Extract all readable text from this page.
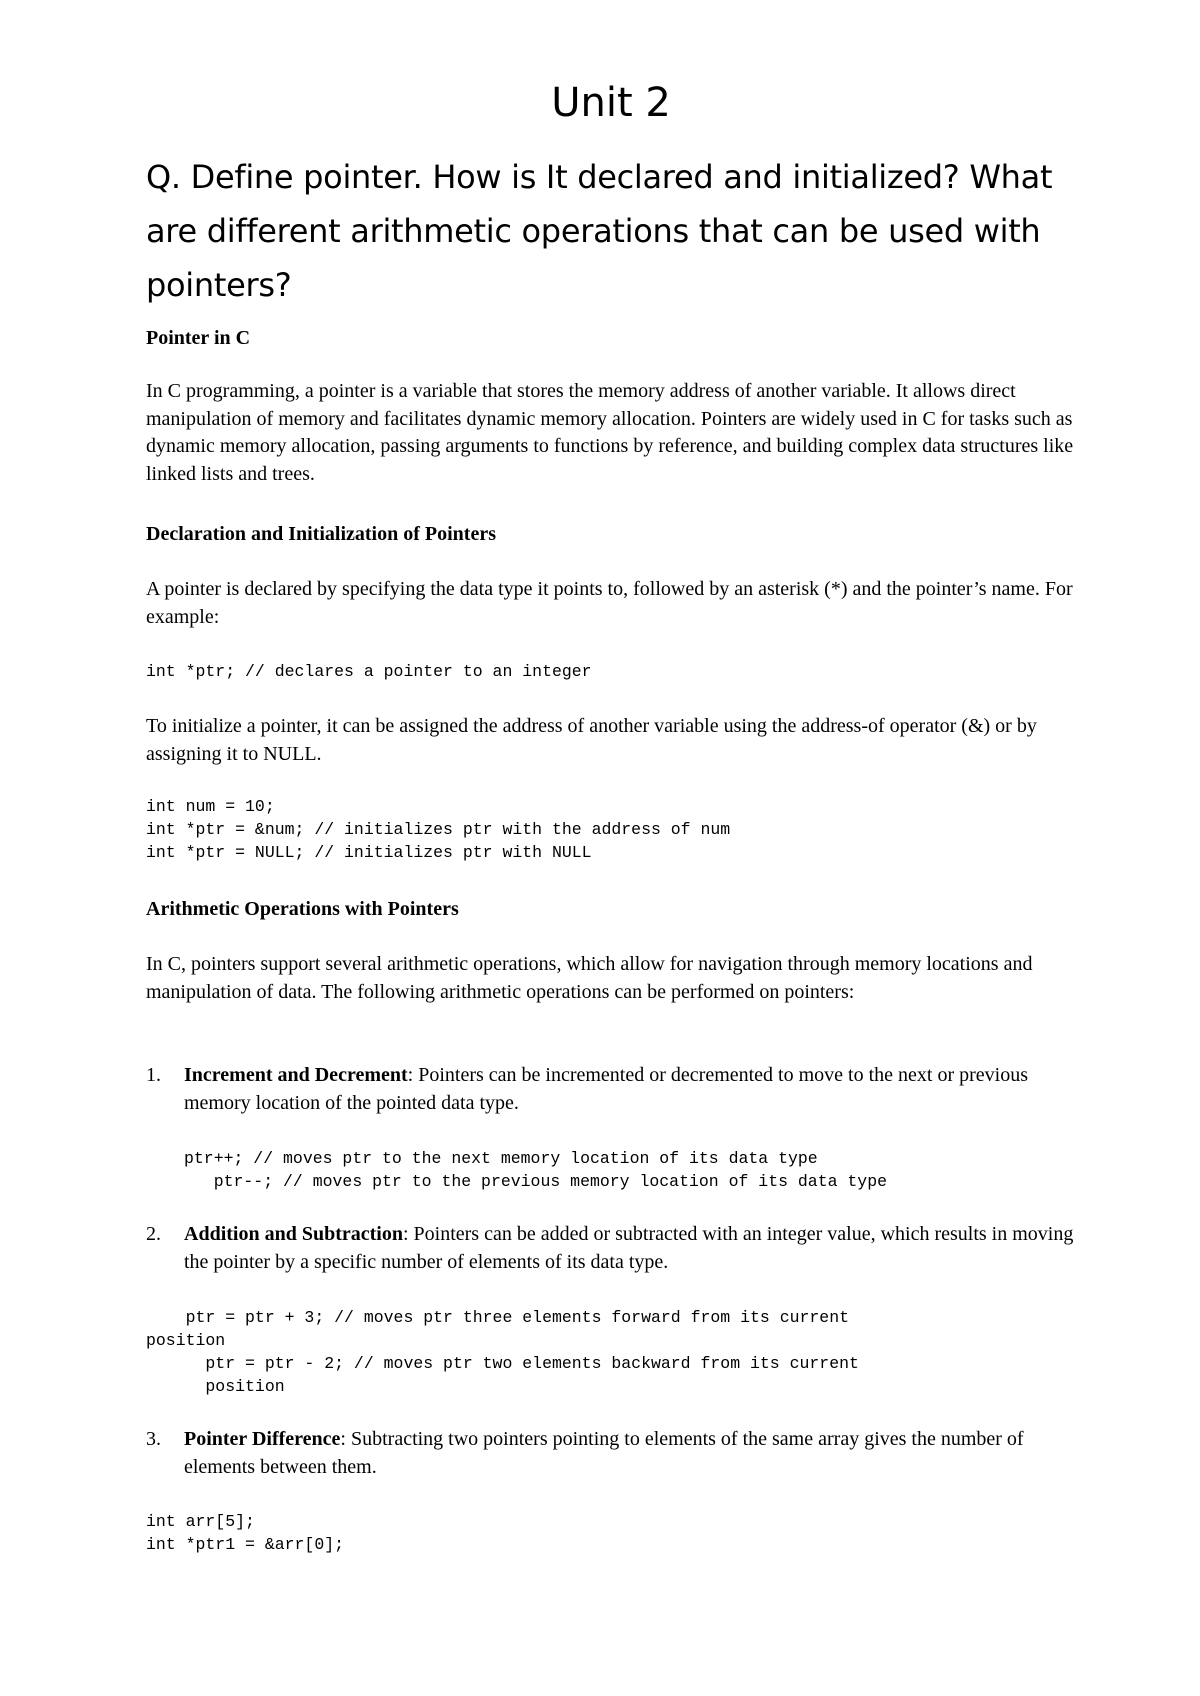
Unit 2
Q. Define pointer. How is It declared and initialized? What are different arithmetic operations that can be used with pointers?

Pointer in C

In C programming, a pointer is a variable that stores the memory address of another variable. It allows direct manipulation of memory and facilitates dynamic memory allocation. Pointers are widely used in C for tasks such as dynamic memory allocation, passing arguments to functions by reference, and building complex data structures like linked lists and trees.

Declaration and Initialization of Pointers

A pointer is declared by specifying the data type it points to, followed by an asterisk (*) and the pointer’s name. For example:

int *ptr; // declares a pointer to an integer

To initialize a pointer, it can be assigned the address of another variable using the address-of operator (&) or by assigning it to NULL.

int num = 10;
int *ptr = &num; // initializes ptr with the address of num
int *ptr = NULL; // initializes ptr with NULL

Arithmetic Operations with Pointers

In C, pointers support several arithmetic operations, which allow for navigation through memory locations and manipulation of data. The following arithmetic operations can be performed on pointers:

1. Increment and Decrement: Pointers can be incremented or decremented to move to the next or previous memory location of the pointed data type.
ptr++; // moves ptr to the next memory location of its data type
ptr--; // moves ptr to the previous memory location of its data type
2. Addition and Subtraction: Pointers can be added or subtracted with an integer value, which results in moving the pointer by a specific number of elements of its data type.
ptr = ptr + 3; // moves ptr three elements forward from its current
position
ptr = ptr - 2; // moves ptr two elements backward from its current
position
3. Pointer Difference: Subtracting two pointers pointing to elements of the same array gives the number of elements between them.
int arr[5];
int *ptr1 = &arr[0];
